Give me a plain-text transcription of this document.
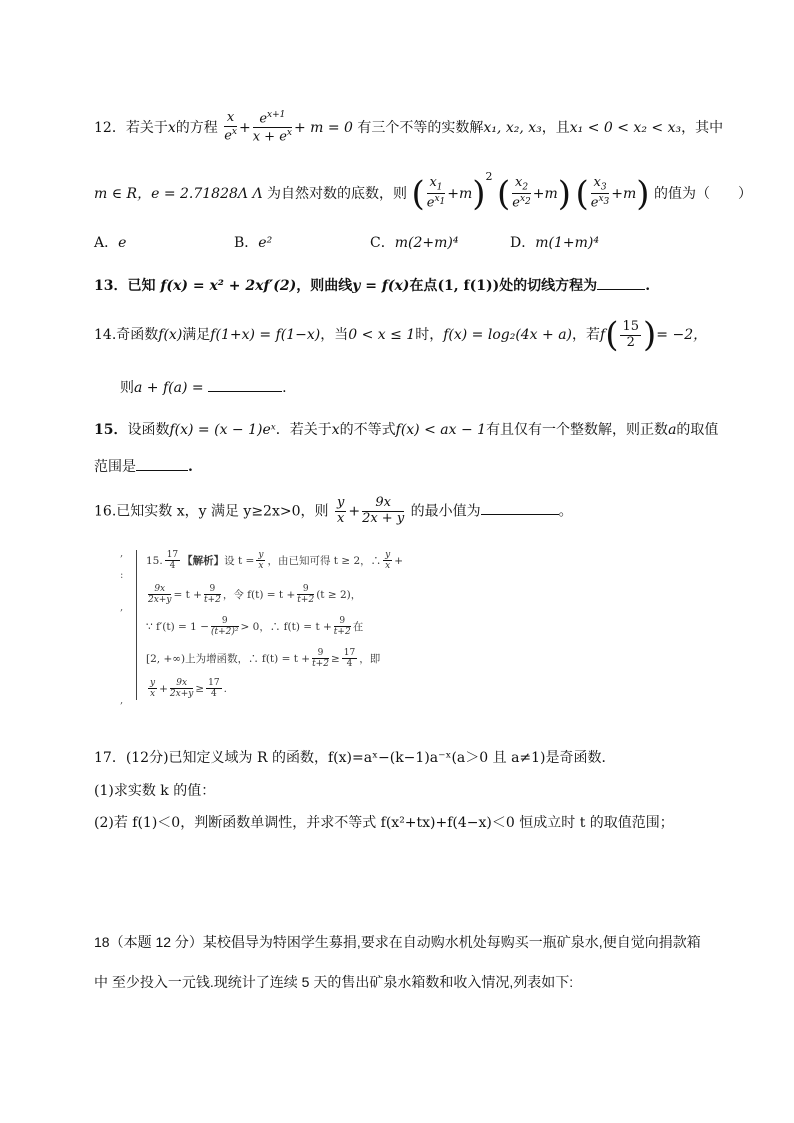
12．若关于x的方程 $\frac{x}{e^x} + \frac{e^{x+1}}{x + e^x} + m = 0$ 有三个不等的实数解x₁, x₂, x₃，且x₁ < 0 < x₂ < x₃，其中
m ∈ R，e = 2.71828Λ Λ 为自然对数的底数，则 ( $\frac{x_1}{e^{x_1}} +m)^2$ ( $\frac{x_2}{e^{x_2}} +m$) ( $\frac{x_3}{e^{x_3}} +m$) 的值为（　　）
A．e	B．e²	C．m(2+m)⁴	D．m(1+m)⁴
13．已知 f(x) = x² + 2xf′(2)，则曲线y = f(x)在点(1, f(1))处的切线方程为	.
14.奇函数f(x)满足f(1+x) = f(1−x)，当0 < x ≤ 1时，f(x) = log₂(4x + a)，若$f( \frac{15}{2}$ )= −2，
则a + f(a) =	.
15．设函数f(x) = (x − 1)eˣ．若关于x的不等式f(x) < ax − 1有且仅有一个整数解，则正数a的取值
范围是	.
16.已知实数 x，y 满足 y≥2x>0，则 $\frac{y}{x} + \frac{9x}{2x + y}$ 的最小值为	。
,
:
,
,
15. $\frac{17}{4}$ 【解析】设 $t = \frac{y}{x}$ ，由已知可得 t ≥ 2，∴ $\frac{y}{x}$ +
$\frac{9x}{2x+y} = t + \frac{9}{t+2}$ ，令 $f(t) = t + \frac{9}{t+2} (t \ge 2)$，
∵ $f'(t) = 1 - \frac{9}{\text{(t+2)²}} > 0$，∴ $f(t) = t + \frac{9}{t+2}$ 在
[2, +∞)上为增函数，∴ $f(t) = t + \frac{9}{t+2} \ge \frac{17}{4}$ ，即
$\frac{y}{x} + \frac{9x}{2x+y} \ge \frac{17}{4}$ .
17．(12分)已知定义域为 R 的函数，f(x)=aˣ−(k−1)a⁻ˣ(a＞0 且 a≠1)是奇函数．
(1)求实数 k 的值：
(2)若 f(1)＜0，判断函数单调性，并求不等式 f(x²+tx)+f(4−x)＜0 恒成立时 t 的取值范围；
18（本题 12 分）某校倡导为特困学生募捐,要求在自动购水机处每购买一瓶矿泉水,便自觉向捐款箱
中 至少投入一元钱.现统计了连续 5 天的售出矿泉水箱数和收入情况,列表如下:
